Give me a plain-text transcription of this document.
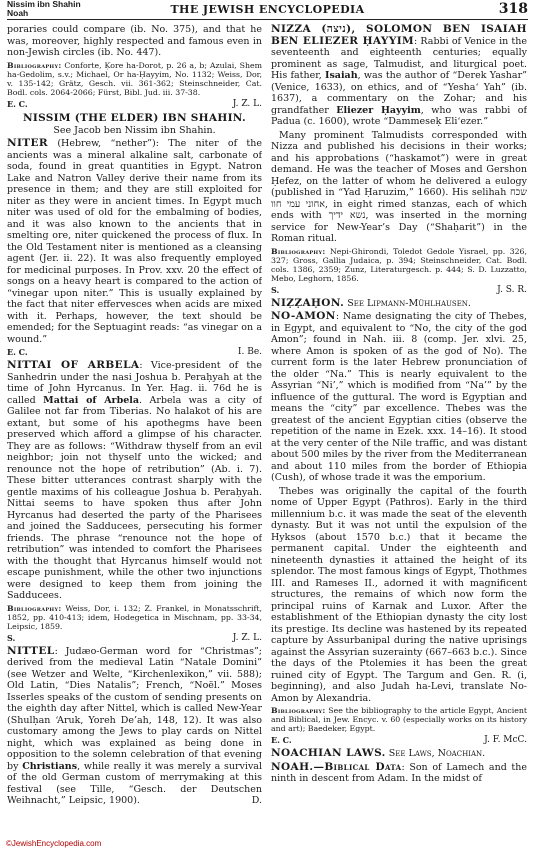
Nissim ibn Shahin
Noah	THE JEWISH ENCYCLOPEDIA	318

poraries could compare (ib. No. 375), and that he was, moreover, highly respected and famous even in non-Jewish circles (ib. No. 447).

Bibliography: Conforte, Ḳore ha-Dorot, p. 26 a, b; Azulai, Shem ha-Gedolim, s.v.; Michael, Or ha-Ḥayyim, No. 1132; Weiss, Dor, v. 135-142; Grätz, Gesch. vii. 361-362; Steinschneider, Cat. Bodl. cols. 2064-2066; Fürst, Bibl. Jud. iii. 37-38.

E. C.	J. Z. L.
NISSIM (THE ELDER) IBN SHAHIN.
See Jacob ben Nissim ibn Shahin.

NITER (Hebrew, “nether”): The niter of the ancients was a mineral alkaline salt, carbonate of soda, found in great quantities in Egypt. Natron Lake and Natron Valley derive their name from its presence in them; and they are still exploited for niter as they were in ancient times. In Egypt much niter was used of old for the embalming of bodies, and it was also known to the ancients that in smelting ore, niter quickened the process of flux. In the Old Testament niter is mentioned as a cleansing agent (Jer. ii. 22). It was also frequently employed for medicinal purposes. In Prov. xxv. 20 the effect of songs on a heavy heart is compared to the action of “vinegar upon niter.” This is usually explained by the fact that niter effervesces when acids are mixed with it. Perhaps, however, the text should be emended; for the Septuagint reads: “as vinegar on a wound.”

E. C.	I. Be.

NITTAI OF ARBELA: Vice-president of the Sanhedrin under the nasi Joshua b. Peraḥyah at the time of John Hyrcanus. In Yer. Ḥag. ii. 76d he is called Mattai of Arbela. Arbela was a city of Galilee not far from Tiberias. No halakot of his are extant, but some of his apothegms have been preserved which afford a glimpse of his character. They are as follows: “Withdraw thyself from an evil neighbor; join not thyself unto the wicked; and renounce not the hope of retribution” (Ab. i. 7). These bitter utterances contrast sharply with the gentle maxims of his colleague Joshua b. Peraḥyah. Nittai seems to have spoken thus after John Hyrcanus had deserted the party of the Pharisees and joined the Sadducees, persecuting his former friends. The phrase “renounce not the hope of retribution” was intended to comfort the Pharisees with the thought that Hyrcanus himself would not escape punishment, while the other two injunctions were designed to keep them from joining the Sadducees.

Bibliography: Weiss, Dor, i. 132; Z. Frankel, in Monatsschrift, 1852, pp. 410-413; idem, Hodegetica in Mischnam, pp. 33-34, Leipsic, 1859.

S.	J. Z. L.

NITTEL: Judæo-German word for “Christmas”; derived from the medieval Latin “Natale Domini” (see Wetzer and Welte, “Kirchenlexikon,” vii. 588); Old Latin, “Dies Natalis”; French, “Noël.” Moses Isserles speaks of the custom of sending presents on the eighth day after Nittel, which is called New-Year (Shulḥan ‘Aruk, Yoreh De’ah, 148, 12). It was also customary among the Jews to play cards on Nittel night, which was explained as being done in opposition to the solemn celebration of that evening by Christians, while really it was merely a survival of the old German custom of merrymaking at this festival (see Tille, “Gesch. der Deutschen Weihnacht,” Leipsic, 1900).	D.

NIZZA (ניצה), SOLOMON BEN ISAIAH BEN ELIEZER ḤAYYIM: Rabbi of Venice in the seventeenth and eighteenth centuries; equally prominent as sage, Talmudist, and liturgical poet. His father, Isaiah, was the author of “Derek Yashar” (Venice, 1633), on ethics, and of “Yesha‘ Yah” (ib. 1637), a commentary on the Zohar; and his grandfather Eliezer Ḥayyim, who was rabbi of Padua (c. 1600), wrote “Dammeseḳ Eli‘ezer.”

Many prominent Talmudists corresponded with Nizza and published his decisions in their works; and his approbations (“haskamot”) were in great demand. He was the teacher of Moses and Gershon Ḥefez, on the latter of whom he delivered a eulogy (published in “Yad Ḥaruzim,” 1660). His selihah שכח אחוני עמי חוו, in eight rimed stanzas, each of which ends with נשא ידיך, was inserted in the morning service for New-Year’s Day (“Shaḥarit”) in the Roman ritual.

Bibliography: Nepi-Ghirondi, Toledot Gedole Yisrael, pp. 326, 327; Gross, Gallia Judaica, p. 394; Steinschneider, Cat. Bodl. cols. 1386, 2359; Zunz, Literaturgesch. p. 444; S. D. Luzzatto, Mebo, Leghorn, 1856.

S.	J. S. R.

NIẒẒAḤON. See Lipmann-Mühlhausen.

NO-AMON: Name designating the city of Thebes, in Egypt, and equivalent to “No, the city of the god Amon”; found in Nah. iii. 8 (comp. Jer. xlvi. 25, where Amon is spoken of as the god of No). The current form is the later Hebrew pronunciation of the older “Na.” This is nearly equivalent to the Assyrian “Ni’,” which is modified from “Na’” by the influence of the guttural. The word is Egyptian and means the “city” par excellence. Thebes was the greatest of the ancient Egyptian cities (observe the repetition of the name in Ezek. xxx. 14–16). It stood at the very center of the Nile traffic, and was distant about 500 miles by the river from the Mediterranean and about 110 miles from the border of Ethiopia (Cush), of whose trade it was the emporium.

Thebes was originally the capital of the fourth nome of Upper Egypt (Pathros). Early in the third millennium b.c. it was made the seat of the eleventh dynasty. But it was not until the expulsion of the Hyksos (about 1570 b.c.) that it became the permanent capital. Under the eighteenth and nineteenth dynasties it attained the height of its splendor. The most famous kings of Egypt, Thothmes III. and Rameses II., adorned it with magnificent structures, the remains of which now form the principal ruins of Karnak and Luxor. After the establishment of the Ethiopian dynasty the city lost its prestige. Its decline was hastened by its repeated capture by Assurbanipal during the native uprisings against the Assyrian suzerainty (667–663 b.c.). Since the days of the Ptolemies it has been the great ruined city of Egypt. The Targum and Gen. R. (i, beginning), and also Judah ha-Levi, translate No-Amon by Alexandria.

Bibliography: See the bibliography to the article Egypt, Ancient and Biblical, in Jew. Encyc. v. 60 (especially works on its history and art); Baedeker, Egypt.

E. C.	J. F. McC.

NOACHIAN LAWS. See Laws, Noachian.

NOAH.—Biblical Data: Son of Lamech and the ninth in descent from Adam. In the midst of

©JewishEncyclopedia.com
